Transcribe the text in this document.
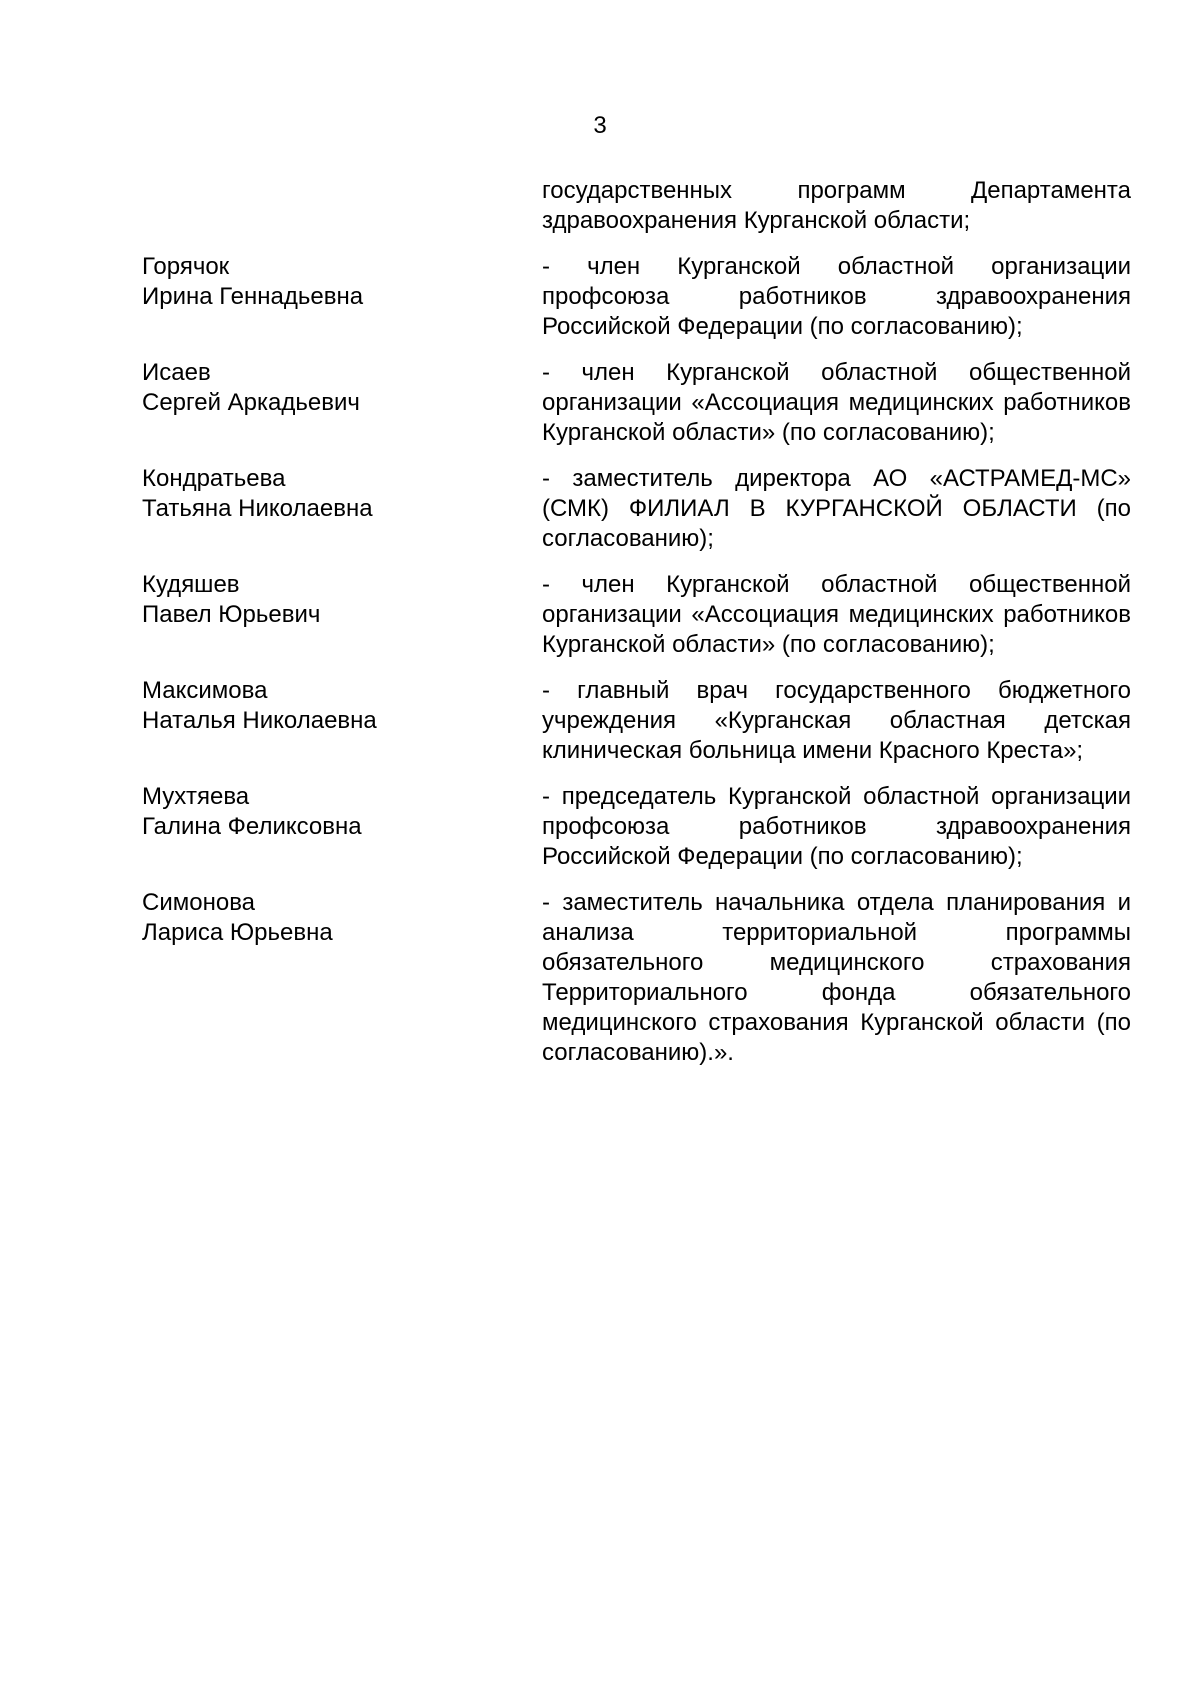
3
государственных программ Департамента здравоохранения Курганской области;
Горячок
Ирина Геннадьевна
- член Курганской областной организации профсоюза работников здравоохранения Российской Федерации (по согласованию);
Исаев
Сергей Аркадьевич
- член Курганской областной общественной организации «Ассоциация медицинских работников Курганской области» (по согласованию);
Кондратьева
Татьяна Николаевна
- заместитель директора АО «АСТРАМЕД-МС» (СМК) ФИЛИАЛ В КУРГАНСКОЙ ОБЛАСТИ (по согласованию);
Кудяшев
Павел Юрьевич
- член Курганской областной общественной организации «Ассоциация медицинских работников Курганской области» (по согласованию);
Максимова
Наталья Николаевна
- главный врач государственного бюджетного учреждения «Курганская областная детская клиническая больница имени Красного Креста»;
Мухтяева
Галина Феликсовна
- председатель Курганской областной организации профсоюза работников здравоохранения Российской Федерации (по согласованию);
Симонова
Лариса Юрьевна
- заместитель начальника отдела планирования и анализа территориальной программы обязательного медицинского страхования Территориального фонда обязательного медицинского страхования Курганской области (по согласованию).».
